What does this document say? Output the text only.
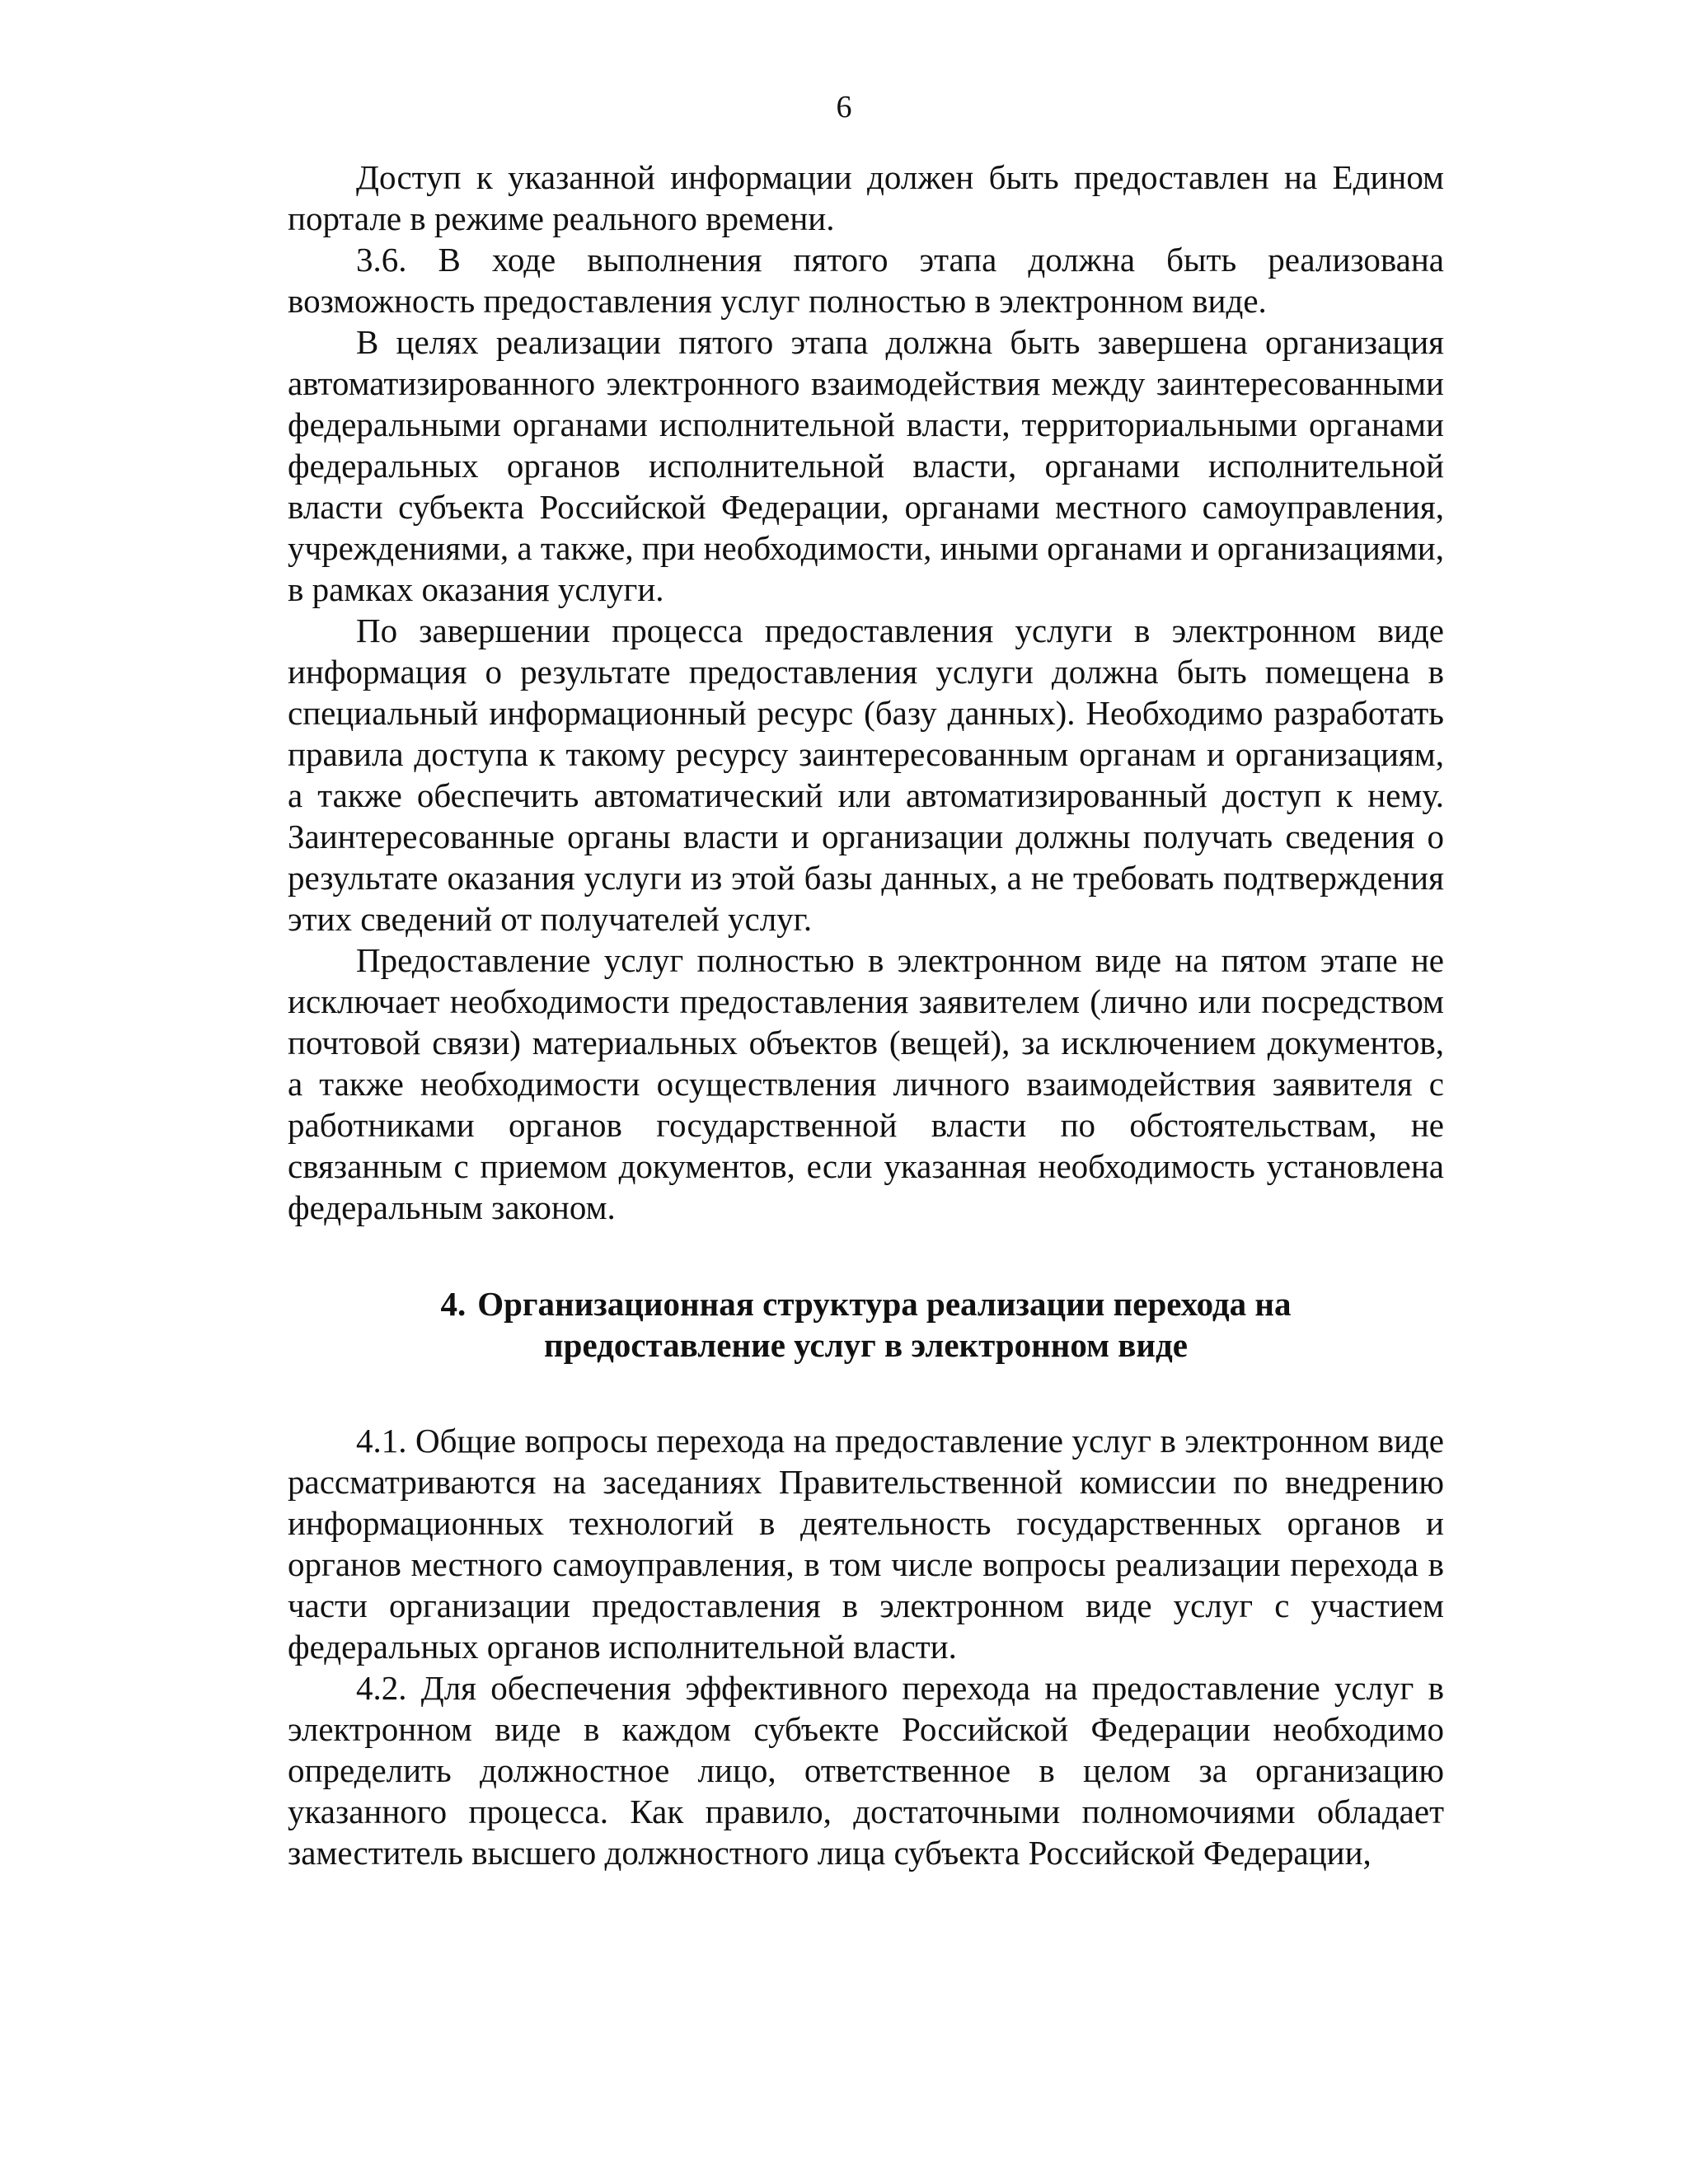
6

Доступ к указанной информации должен быть предоставлен на Едином портале в режиме реального времени.

3.6. В ходе выполнения пятого этапа должна быть реализована возможность предоставления услуг полностью в электронном виде.

В целях реализации пятого этапа должна быть завершена организация автоматизированного электронного взаимодействия между заинтересованными федеральными органами исполнительной власти, территориальными органами федеральных органов исполнительной власти, органами исполнительной власти субъекта Российской Федерации, органами местного самоуправления, учреждениями, а также, при необходимости, иными органами и организациями, в рамках оказания услуги.

По завершении процесса предоставления услуги в электронном виде информация о результате предоставления услуги должна быть помещена в специальный информационный ресурс (базу данных). Необходимо разработать правила доступа к такому ресурсу заинтересованным органам и организациям, а также обеспечить автоматический или автоматизированный доступ к нему. Заинтересованные органы власти и организации должны получать сведения о результате оказания услуги из этой базы данных, а не требовать подтверждения этих сведений от получателей услуг.

Предоставление услуг полностью в электронном виде на пятом этапе не исключает необходимости предоставления заявителем (лично или посредством почтовой связи) материальных объектов (вещей), за исключением документов, а также необходимости осуществления личного взаимодействия заявителя с работниками органов государственной власти по обстоятельствам, не связанным с приемом документов, если указанная необходимость установлена федеральным законом.

4. Организационная структура реализации перехода на
предоставление услуг в электронном виде

4.1. Общие вопросы перехода на предоставление услуг в электронном виде рассматриваются на заседаниях Правительственной комиссии по внедрению информационных технологий в деятельность государственных органов и органов местного самоуправления, в том числе вопросы реализации перехода в части организации предоставления в электронном виде услуг с участием федеральных органов исполнительной власти.

4.2. Для обеспечения эффективного перехода на предоставление услуг в электронном виде в каждом субъекте Российской Федерации необходимо определить должностное лицо, ответственное в целом за организацию указанного процесса. Как правило, достаточными полномочиями обладает заместитель высшего должностного лица субъекта Российской Федерации,
